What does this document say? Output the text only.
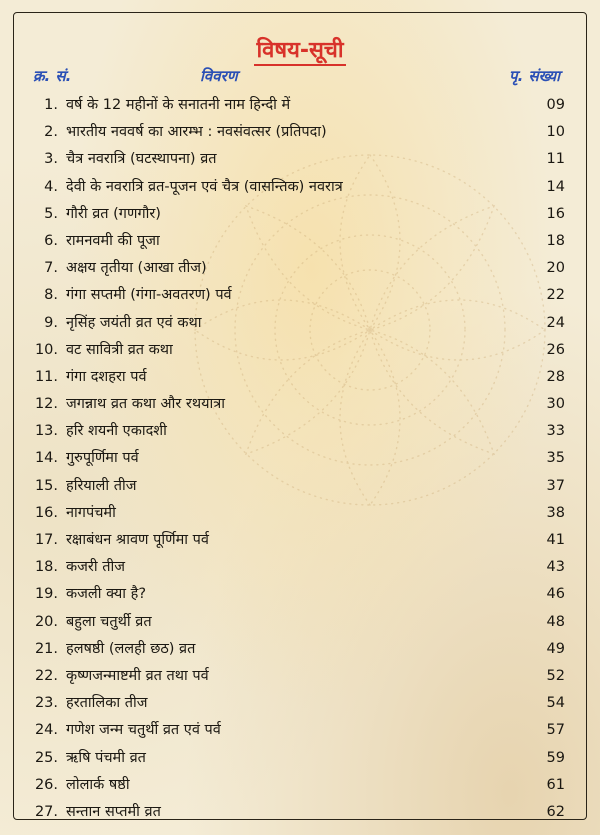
विषय-सूची
क्र. सं.	विवरण	पृ. संख्या
1. वर्ष के 12 महीनों के सनातनी नाम हिन्दी में	09
2. भारतीय नववर्ष का आरम्भ : नवसंवत्सर (प्रतिपदा)	10
3. चैत्र नवरात्रि (घटस्थापना) व्रत	11
4. देवी के नवरात्रि व्रत-पूजन एवं चैत्र (वासन्तिक) नवरात्र	14
5. गौरी व्रत (गणगौर)	16
6. रामनवमी की पूजा	18
7. अक्षय तृतीया (आखा तीज)	20
8. गंगा सप्तमी (गंगा-अवतरण) पर्व	22
9. नृसिंह जयंती व्रत एवं कथा	24
10. वट सावित्री व्रत कथा	26
11. गंगा दशहरा पर्व	28
12. जगन्नाथ व्रत कथा और रथयात्रा	30
13. हरि शयनी एकादशी	33
14. गुरुपूर्णिमा पर्व	35
15. हरियाली तीज	37
16. नागपंचमी	38
17. रक्षाबंधन श्रावण पूर्णिमा पर्व	41
18. कजरी तीज	43
19. कजली क्या है?	46
20. बहुला चतुर्थी व्रत	48
21. हलषष्ठी (ललही छठ) व्रत	49
22. कृष्णजन्माष्टमी व्रत तथा पर्व	52
23. हरतालिका तीज	54
24. गणेश जन्म चतुर्थी व्रत एवं पर्व	57
25. ऋषि पंचमी व्रत	59
26. लोलार्क षष्ठी	61
27. सन्तान सप्तमी व्रत	62
